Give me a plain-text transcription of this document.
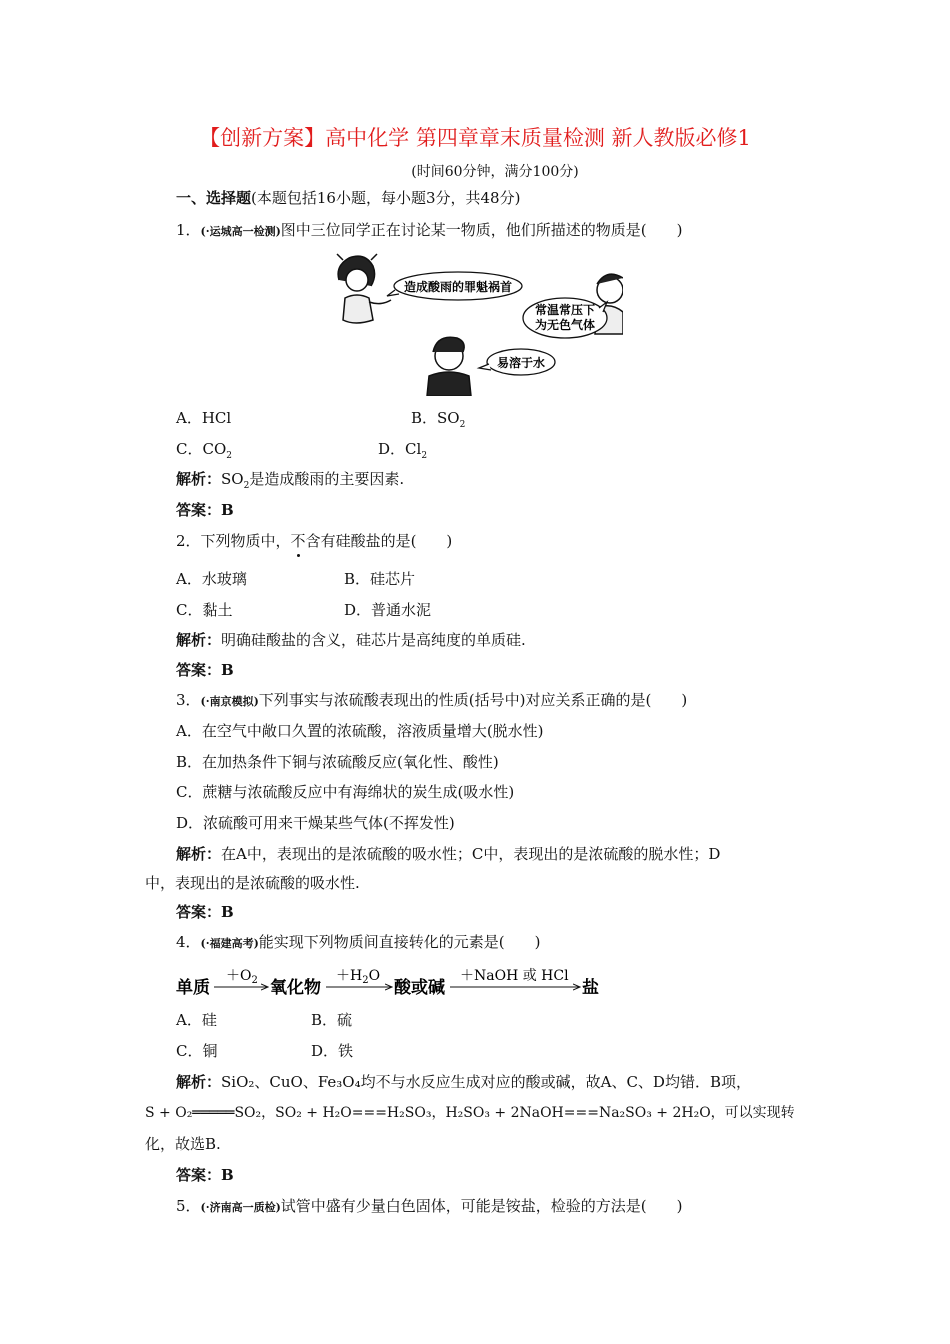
【创新方案】高中化学 第四章章末质量检测 新人教版必修1
(时间60分钟，满分100分)
一、选择题(本题包括16小题，每小题3分，共48分)
1．(·运城高一检测)图中三位同学正在讨论某一物质，他们所描述的物质是(　　)
造成酸雨的罪魁祸首
常温常压下
为无色气体
易溶于水
A．HCl	B．$SO_2$
C．$CO_2$	D．$Cl_2$
解析：$SO_2$是造成酸雨的主要因素.
答案：B
2．下列物质中，不含有硅酸盐的是(　　)
A．水玻璃	B．硅芯片
C．黏土	D．普通水泥
解析：明确硅酸盐的含义，硅芯片是高纯度的单质硅.
答案：B
3．(·南京模拟)下列事实与浓硫酸表现出的性质(括号中)对应关系正确的是(　　)
A．在空气中敞口久置的浓硫酸，溶液质量增大(脱水性)
B．在加热条件下铜与浓硫酸反应(氧化性、酸性)
C．蔗糖与浓硫酸反应中有海绵状的炭生成(吸水性)
D．浓硫酸可用来干燥某些气体(不挥发性)
解析：在A中，表现出的是浓硫酸的吸水性；C中，表现出的是浓硫酸的脱水性；D
中，表现出的是浓硫酸的吸水性.
答案：B
4．(·福建高考)能实现下列物质间直接转化的元素是(　　)
单质
$+O_2$ 氧化物
$+H_2O$
酸或碱
＋NaOH 或 HCl
盐
A．硅	B．硫
C．铜	D．铁
解析：SiO₂、CuO、Fe₃O₄均不与水反应生成对应的酸或碱，故A、C、D均错．B项，
S + O₂═════SO₂，SO₂ + H₂O===H₂SO₃，H₂SO₃ + 2NaOH===Na₂SO₃ + 2H₂O，可以实现转
化，故选B.
答案：B
5．(·济南高一质检)试管中盛有少量白色固体，可能是铵盐，检验的方法是(　　)
